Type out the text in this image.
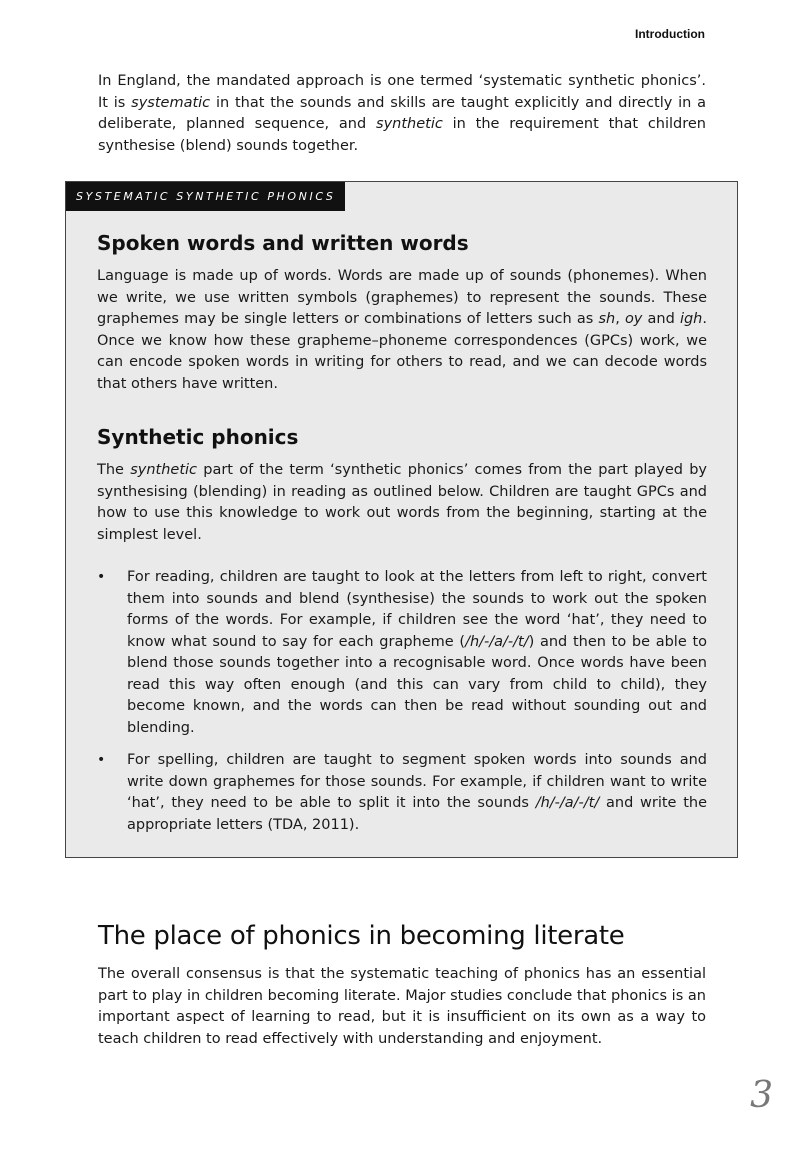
Introduction

In England, the mandated approach is one termed ‘systematic synthetic phonics’. It is systematic in that the sounds and skills are taught explicitly and directly in a deliberate, planned sequence, and synthetic in the requirement that children synthesise (blend) sounds together.

SYSTEMATIC SYNTHETIC PHONICS
Spoken words and written words

Language is made up of words. Words are made up of sounds (phonemes). When we write, we use written symbols (graphemes) to represent the sounds. These graphemes may be single letters or combinations of letters such as sh, oy and igh. Once we know how these grapheme–phoneme correspondences (GPCs) work, we can encode spoken words in writing for others to read, and we can decode words that others have written.

Synthetic phonics

The synthetic part of the term ‘synthetic phonics’ comes from the part played by synthesising (blending) in reading as outlined below. Children are taught GPCs and how to use this knowledge to work out words from the beginning, starting at the simplest level.

• For reading, children are taught to look at the letters from left to right, convert them into sounds and blend (synthesise) the sounds to work out the spoken forms of the words. For example, if children see the word ‘hat’, they need to know what sound to say for each grapheme (/h/-/a/-/t/) and then to be able to blend those sounds together into a recognisable word. Once words have been read this way often enough (and this can vary from child to child), they become known, and the words can then be read without sounding out and blending.
• For spelling, children are taught to segment spoken words into sounds and write down graphemes for those sounds. For example, if children want to write ‘hat’, they need to be able to split it into the sounds /h/-/a/-/t/ and write the appropriate letters (TDA, 2011).
The place of phonics in becoming literate

The overall consensus is that the systematic teaching of phonics has an essential part to play in children becoming literate. Major studies conclude that phonics is an important aspect of learning to read, but it is insufficient on its own as a way to teach children to read effectively with understanding and enjoyment.

3
